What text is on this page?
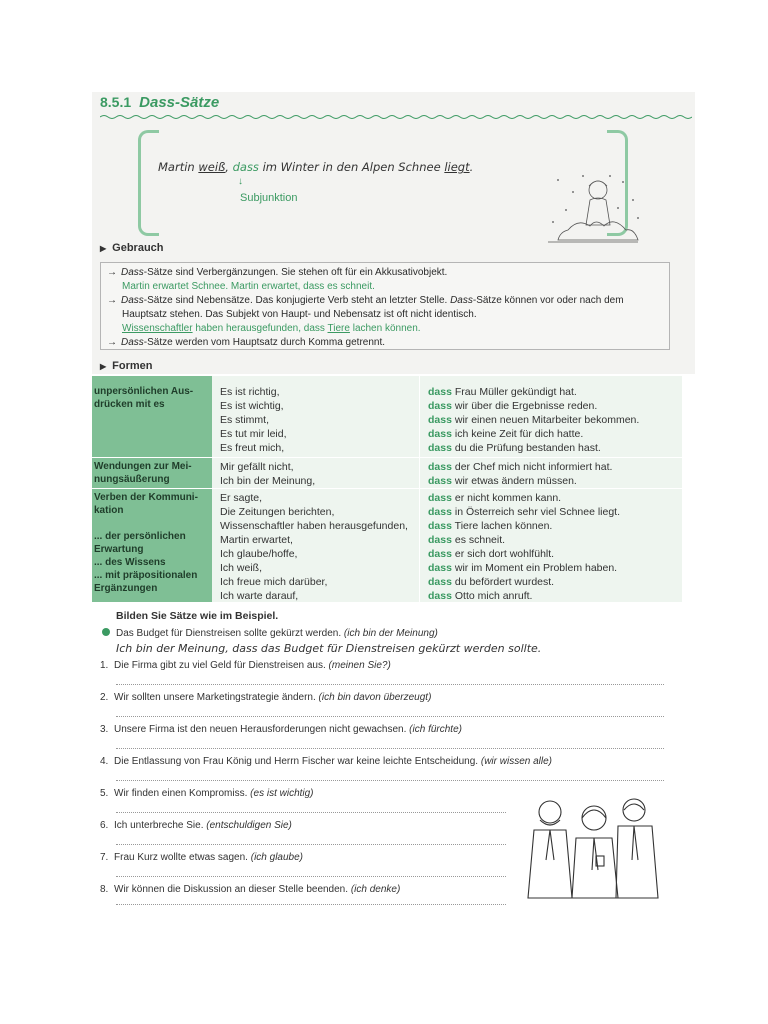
8.5.1 Dass-Sätze
Martin weiß, dass im Winter in den Alpen Schnee liegt.
↓
Subjunktion
▶ Gebrauch
→ Dass-Sätze sind Verbergänzungen. Sie stehen oft für ein Akkusativobjekt.
Martin erwartet Schnee. Martin erwartet, dass es schneit.
→ Dass-Sätze sind Nebensätze. Das konjugierte Verb steht an letzter Stelle. Dass-Sätze können vor oder nach dem
Hauptsatz stehen. Das Subjekt von Haupt- und Nebensatz ist oft nicht identisch.
Wissenschaftler haben herausgefunden, dass Tiere lachen können.
→ Dass-Sätze werden vom Hauptsatz durch Komma getrennt.
▶ Formen
unpersönlichen Aus-
drücken mit es
Es ist richtig,
Es ist wichtig,
Es stimmt,
Es tut mir leid,
Es freut mich,
dass Frau Müller gekündigt hat.
dass wir über die Ergebnisse reden.
dass wir einen neuen Mitarbeiter bekommen.
dass ich keine Zeit für dich hatte.
dass du die Prüfung bestanden hast.
Wendungen zur Mei-
nungsäußerung
Mir gefällt nicht,
Ich bin der Meinung,
dass der Chef mich nicht informiert hat.
dass wir etwas ändern müssen.
Verben der Kommuni-
kation

... der persönlichen
Erwartung
... des Wissens
... mit präpositionalen
Ergänzungen
Er sagte,
Die Zeitungen berichten,
Wissenschaftler haben herausgefunden,
Martin erwartet,
Ich glaube/hoffe,
Ich weiß,
Ich freue mich darüber,
Ich warte darauf,
dass er nicht kommen kann.
dass in Österreich sehr viel Schnee liegt.
dass Tiere lachen können.
dass es schneit.
dass er sich dort wohlfühlt.
dass wir im Moment ein Problem haben.
dass du befördert wurdest.
dass Otto mich anruft.
Bilden Sie Sätze wie im Beispiel.
Das Budget für Dienstreisen sollte gekürzt werden. (ich bin der Meinung)
Ich bin der Meinung, dass das Budget für Dienstreisen gekürzt werden sollte.
1. Die Firma gibt zu viel Geld für Dienstreisen aus. (meinen Sie?)
2. Wir sollten unsere Marketingstrategie ändern. (ich bin davon überzeugt)
3. Unsere Firma ist den neuen Herausforderungen nicht gewachsen. (ich fürchte)
4. Die Entlassung von Frau König und Herrn Fischer war keine leichte Entscheidung. (wir wissen alle)
5. Wir finden einen Kompromiss. (es ist wichtig)
6. Ich unterbreche Sie. (entschuldigen Sie)
7. Frau Kurz wollte etwas sagen. (ich glaube)
8. Wir können die Diskussion an dieser Stelle beenden. (ich denke)
